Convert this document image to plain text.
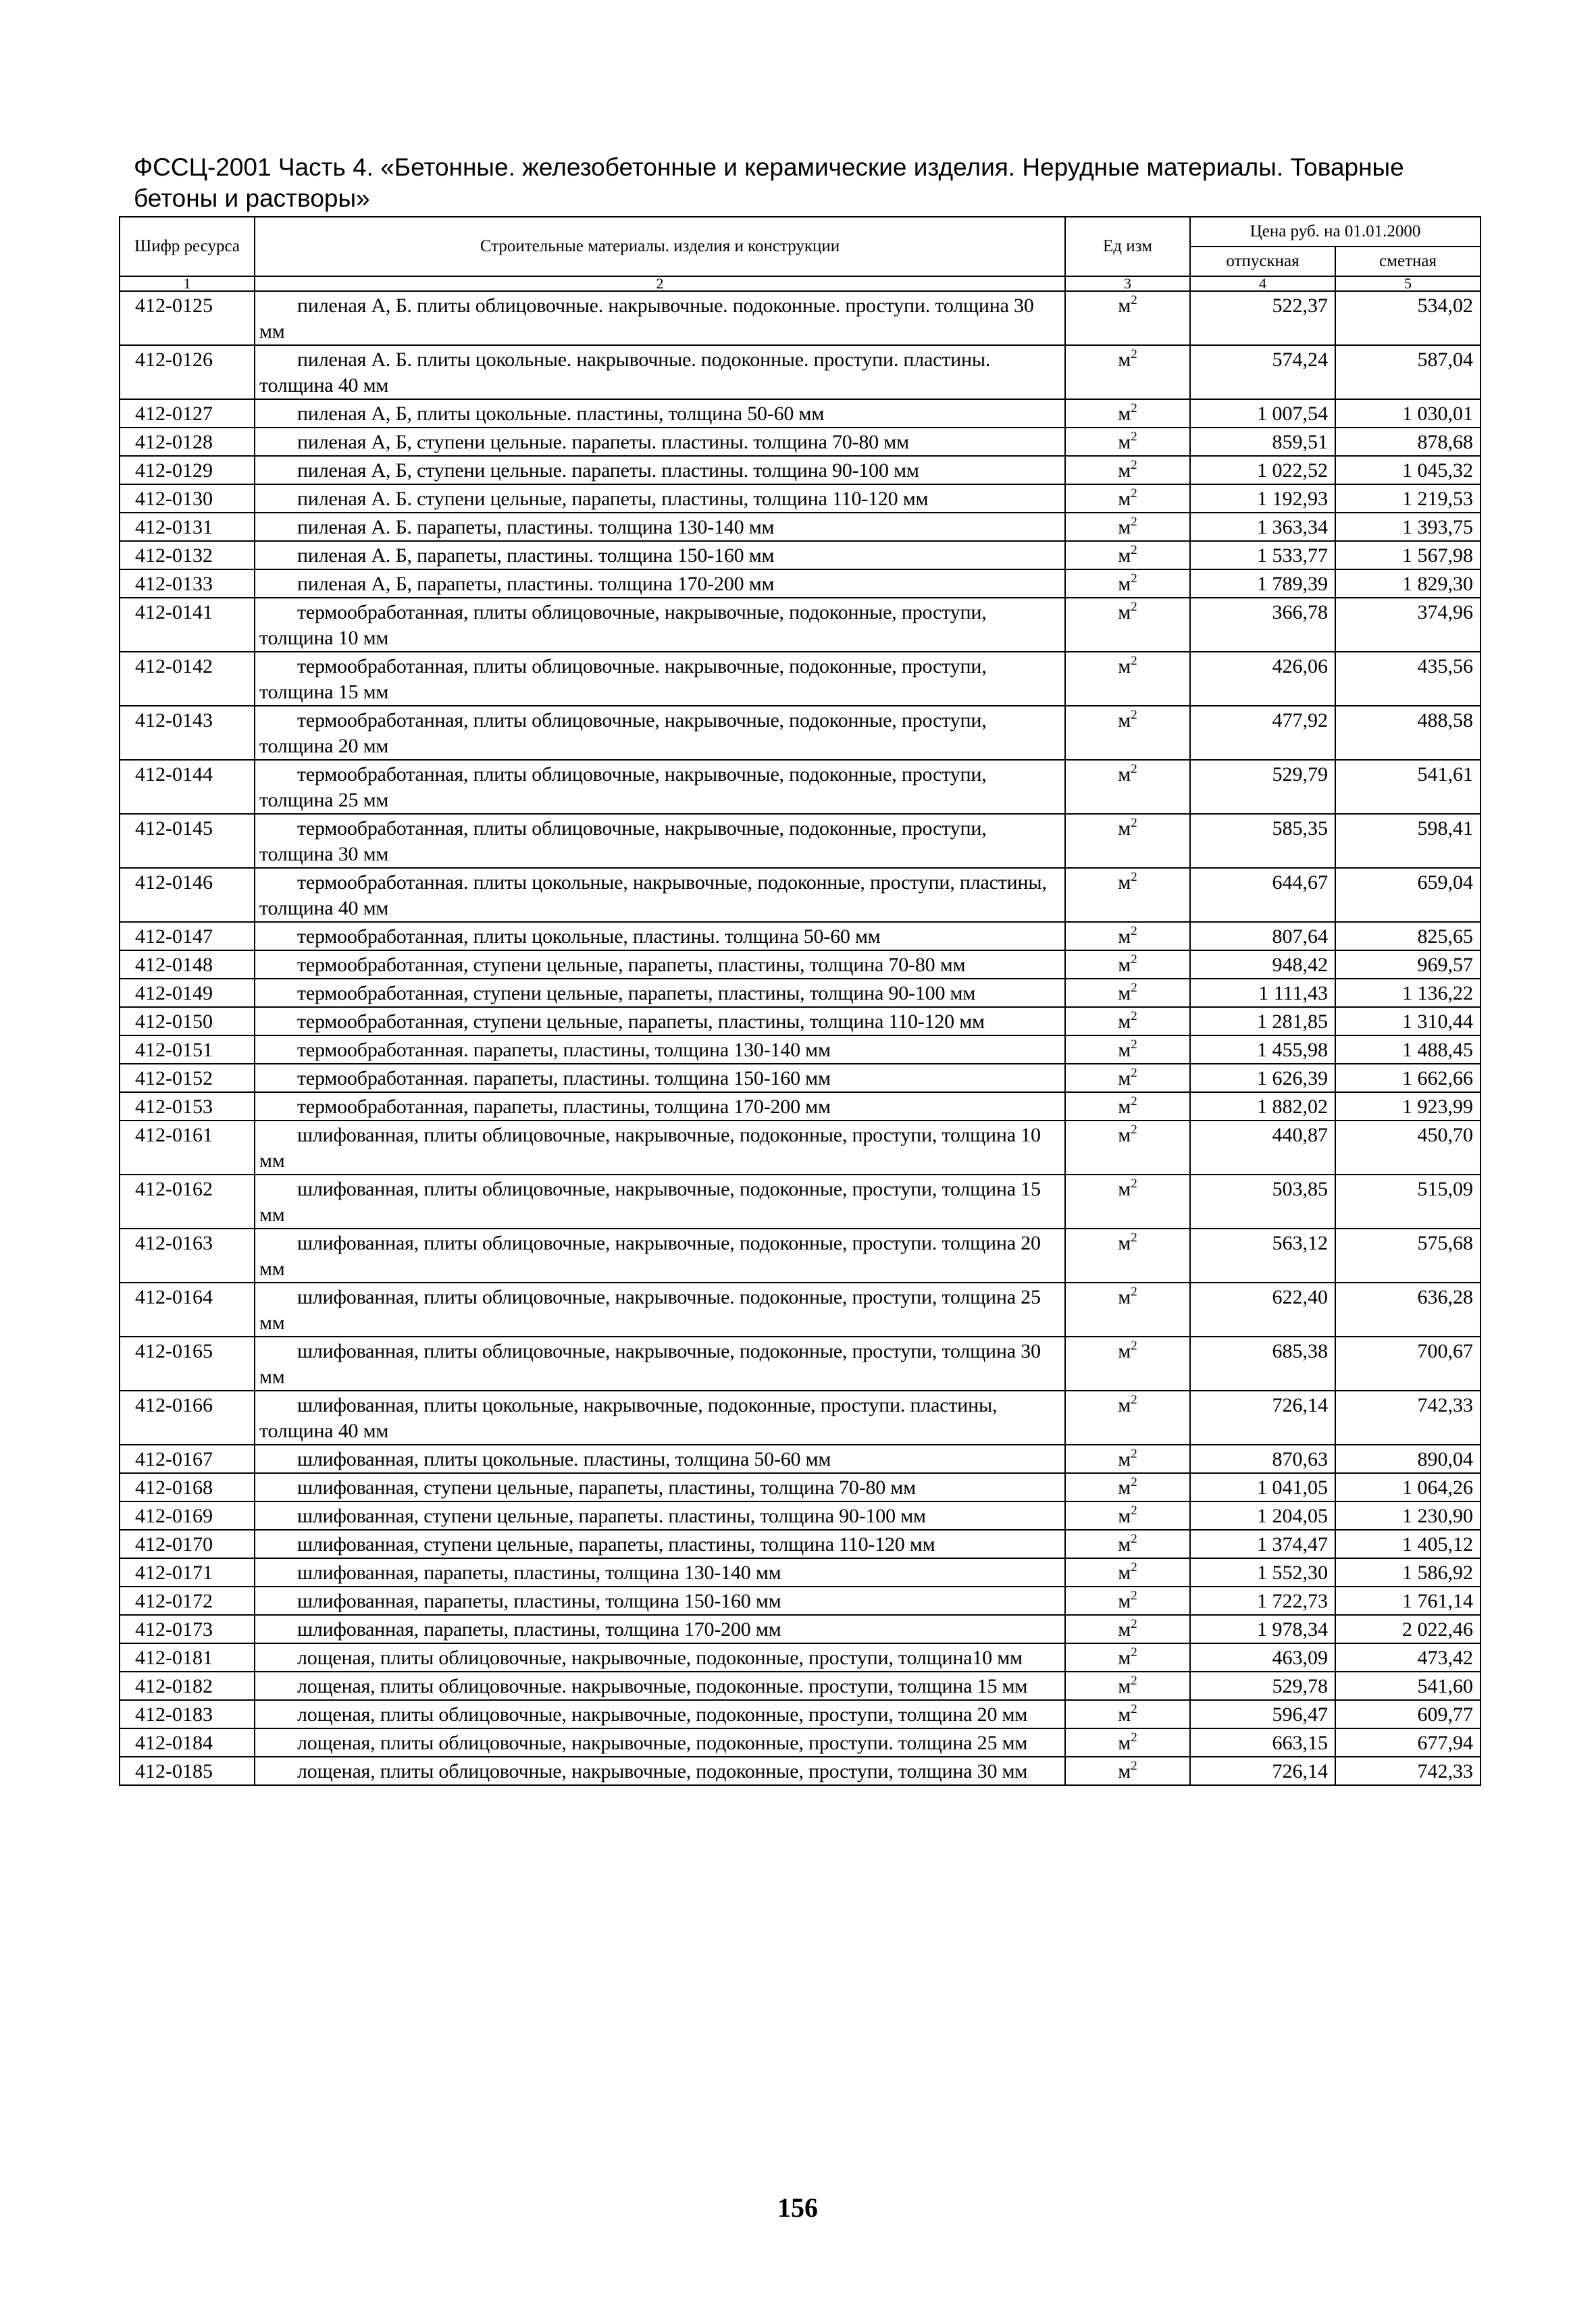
ФССЦ-2001 Часть 4. «Бетонные. железобетонные и керамические изделия. Нерудные материалы. Товарные бетоны и растворы»
Шифр ресурса	Строительные материалы. изделия и конструкции	Ед изм	Цена руб. на 01.01.2000	
			отпускная	сметная
1	2	3	4	5
412-0125	пиленая А, Б. плиты облицовочные. накрывочные. подоконные. проступи. толщина 30 мм	$м^2$	522,37	534,02
412-0126	пиленая А. Б. плиты цокольные. накрывочные. подоконные. проступи. пластины. толщина 40 мм	$м^2$	574,24	587,04
412-0127	пиленая А, Б, плиты цокольные. пластины, толщина 50-60 мм	$м^2$	1 007,54	1 030,01
412-0128	пиленая А, Б, ступени цельные. парапеты. пластины. толщина 70-80 мм	$м^2$	859,51	878,68
412-0129	пиленая А, Б, ступени цельные. парапеты. пластины. толщина 90-100 мм	$м^2$	1 022,52	1 045,32
412-0130	пиленая А. Б. ступени цельные, парапеты, пластины, толщина 110-120 мм	$м^2$	1 192,93	1 219,53
412-0131	пиленая А. Б. парапеты, пластины. толщина 130-140 мм	$м^2$	1 363,34	1 393,75
412-0132	пиленая А. Б, парапеты, пластины. толщина 150-160 мм	$м^2$	1 533,77	1 567,98
412-0133	пиленая А, Б, парапеты, пластины. толщина 170-200 мм	$м^2$	1 789,39	1 829,30
412-0141	термообработанная, плиты облицовочные, накрывочные, подоконные, проступи, толщина 10 мм	$м^2$	366,78	374,96
412-0142	термообработанная, плиты облицовочные. накрывочные, подоконные, проступи, толщина 15 мм	$м^2$	426,06	435,56
412-0143	термообработанная, плиты облицовочные, накрывочные, подоконные, проступи, толщина 20 мм	$м^2$	477,92	488,58
412-0144	термообработанная, плиты облицовочные, накрывочные, подоконные, проступи, толщина 25 мм	$м^2$	529,79	541,61
412-0145	термообработанная, плиты облицовочные, накрывочные, подоконные, проступи, толщина 30 мм	$м^2$	585,35	598,41
412-0146	термообработанная. плиты цокольные, накрывочные, подоконные, проступи, пластины, толщина 40 мм	$м^2$	644,67	659,04
412-0147	термообработанная, плиты цокольные, пластины. толщина 50-60 мм	$м^2$	807,64	825,65
412-0148	термообработанная, ступени цельные, парапеты, пластины, толщина 70-80 мм	$м^2$	948,42	969,57
412-0149	термообработанная, ступени цельные, парапеты, пластины, толщина 90-100 мм	$м^2$	1 111,43	1 136,22
412-0150	термообработанная, ступени цельные, парапеты, пластины, толщина 110-120 мм	$м^2$	1 281,85	1 310,44
412-0151	термообработанная. парапеты, пластины, толщина 130-140 мм	$м^2$	1 455,98	1 488,45
412-0152	термообработанная. парапеты, пластины. толщина 150-160 мм	$м^2$	1 626,39	1 662,66
412-0153	термообработанная, парапеты, пластины, толщина 170-200 мм	$м^2$	1 882,02	1 923,99
412-0161	шлифованная, плиты облицовочные, накрывочные, подоконные, проступи, толщина 10 мм	$м^2$	440,87	450,70
412-0162	шлифованная, плиты облицовочные, накрывочные, подоконные, проступи, толщина 15 мм	$м^2$	503,85	515,09
412-0163	шлифованная, плиты облицовочные, накрывочные, подоконные, проступи. толщина 20 мм	$м^2$	563,12	575,68
412-0164	шлифованная, плиты облицовочные, накрывочные. подоконные, проступи, толщина 25 мм	$м^2$	622,40	636,28
412-0165	шлифованная, плиты облицовочные, накрывочные, подоконные, проступи, толщина 30 мм	$м^2$	685,38	700,67
412-0166	шлифованная, плиты цокольные, накрывочные, подоконные, проступи. пластины, толщина 40 мм	$м^2$	726,14	742,33
412-0167	шлифованная, плиты цокольные. пластины, толщина 50-60 мм	$м^2$	870,63	890,04
412-0168	шлифованная, ступени цельные, парапеты, пластины, толщина 70-80 мм	$м^2$	1 041,05	1 064,26
412-0169	шлифованная, ступени цельные, парапеты. пластины, толщина 90-100 мм	$м^2$	1 204,05	1 230,90
412-0170	шлифованная, ступени цельные, парапеты, пластины, толщина 110-120 мм	$м^2$	1 374,47	1 405,12
412-0171	шлифованная, парапеты, пластины, толщина 130-140 мм	$м^2$	1 552,30	1 586,92
412-0172	шлифованная, парапеты, пластины, толщина 150-160 мм	$м^2$	1 722,73	1 761,14
412-0173	шлифованная, парапеты, пластины, толщина 170-200 мм	$м^2$	1 978,34	2 022,46
412-0181	лощеная, плиты облицовочные, накрывочные, подоконные, проступи, толщина10 мм	$м^2$	463,09	473,42
412-0182	лощеная, плиты облицовочные. накрывочные, подоконные. проступи, толщина 15 мм	$м^2$	529,78	541,60
412-0183	лощеная, плиты облицовочные, накрывочные, подоконные, проступи, толщина 20 мм	$м^2$	596,47	609,77
412-0184	лощеная, плиты облицовочные, накрывочные, подоконные, проступи. толщина 25 мм	$м^2$	663,15	677,94
412-0185	лощеная, плиты облицовочные, накрывочные, подоконные, проступи, толщина 30 мм	$м^2$	726,14	742,33
156
